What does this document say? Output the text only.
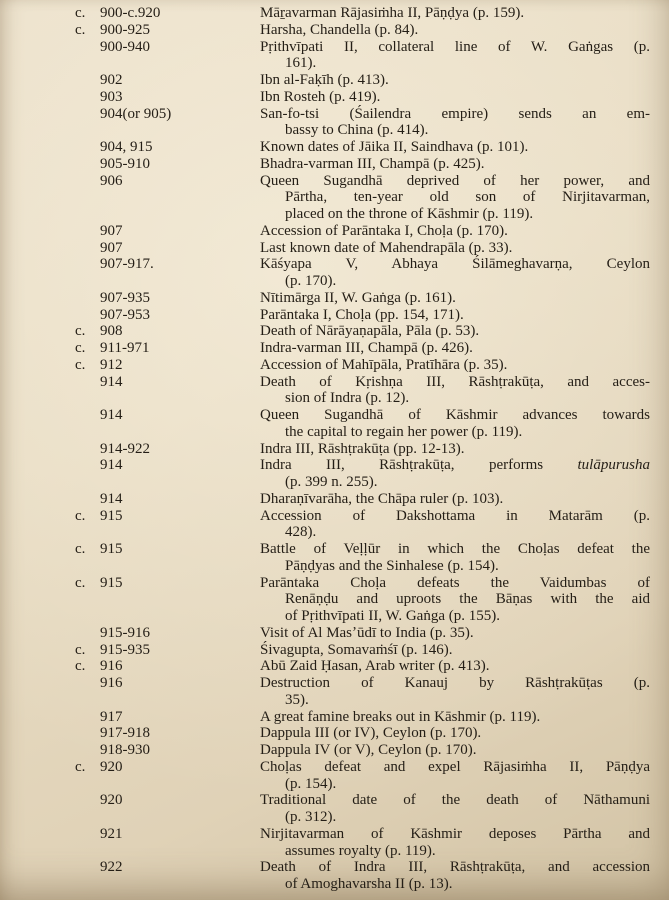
c. 900-c.920	Māṟavarman Rājasiṁha II, Pāṇḍya (p. 159).
c. 900-925	Harsha, Chandella (p. 84).
900-940	Pṛithvīpati II, collateral line of W. Gaṅgas (p.
161).
902	Ibn al-Faḳīh (p. 413).
903	Ibn Rosteh (p. 419).
904(or 905)	San-fo-tsi (Śailendra empire) sends an em-
bassy to China (p. 414).
904, 915	Known dates of Jāika II, Saindhava (p. 101).
905-910	Bhadra-varman III, Champā (p. 425).
906	Queen Sugandhā deprived of her power, and
Pārtha, ten-year old son of Nirjitavarman,
placed on the throne of Kāshmir (p. 119).
907	Accession of Parāntaka I, Choḷa (p. 170).
907	Last known date of Mahendrapāla (p. 33).
907-917.	Kāśyapa V, Abhaya Śilāmeghavarṇa, Ceylon
(p. 170).
907-935	Nītimārga II, W. Gaṅga (p. 161).
907-953	Parāntaka I, Choḷa (pp. 154, 171).
c. 908	Death of Nārāyaṇapāla, Pāla (p. 53).
c. 911-971	Indra-varman III, Champā (p. 426).
c. 912	Accession of Mahīpāla, Pratīhāra (p. 35).
914	Death of Kṛishṇa III, Rāshṭrakūṭa, and acces-
sion of Indra (p. 12).
914	Queen Sugandhā of Kāshmir advances towards
the capital to regain her power (p. 119).
914-922	Indra III, Rāshṭrakūṭa (pp. 12-13).
914	Indra III, Rāshṭrakūṭa, performs tulāpurusha
(p. 399 n. 255).
914	Dharaṇīvarāha, the Chāpa ruler (p. 103).
c. 915	Accession of Dakshottama in Matarām (p.
428).
c. 915	Battle of Veḷḷūr in which the Choḷas defeat the
Pāṇḍyas and the Sinhalese (p. 154).
c. 915	Parāntaka Choḷa defeats the Vaidumbas of
Renāṇḍu and uproots the Bāṇas with the aid
of Pṛithvīpati II, W. Gaṅga (p. 155).
915-916	Visit of Al Masʼūdī to India (p. 35).
c. 915-935	Śivagupta, Somavaṁśī (p. 146).
c. 916	Abū Zaid Ḥasan, Arab writer (p. 413).
916	Destruction of Kanauj by Rāshṭrakūṭas (p.
35).
917	A great famine breaks out in Kāshmir (p. 119).
917-918	Dappula III (or IV), Ceylon (p. 170).
918-930	Dappula IV (or V), Ceylon (p. 170).
c. 920	Choḷas defeat and expel Rājasiṁha II, Pāṇḍya
(p. 154).
920	Traditional date of the death of Nāthamuni
(p. 312).
921	Nirjitavarman of Kāshmir deposes Pārtha and
assumes royalty (p. 119).
922	Death of Indra III, Rāshṭrakūṭa, and accession
of Amoghavarsha II (p. 13).
